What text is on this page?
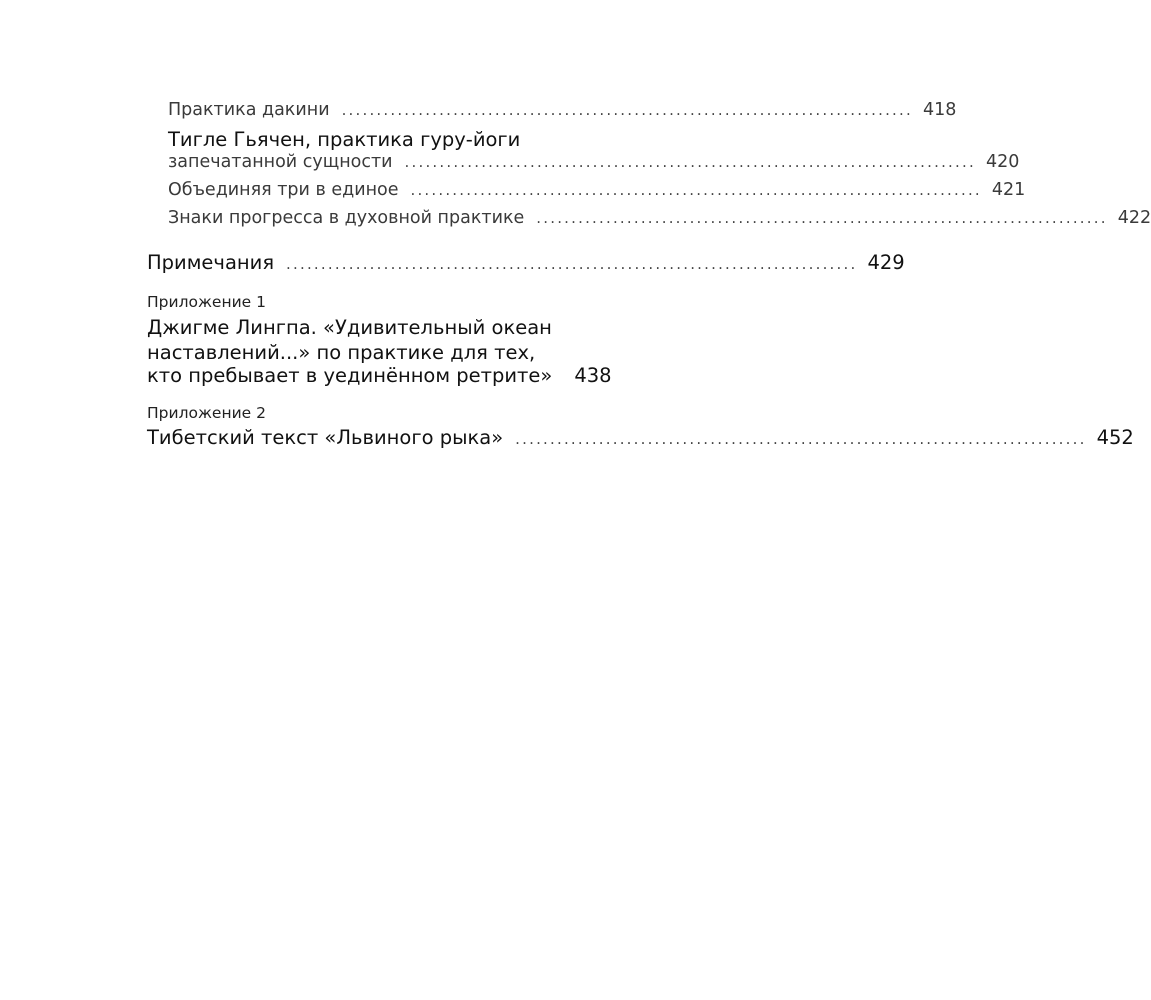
Практика дакини .................................................................................. 418
Тигле Гьячен, практика гуру-йоги
запечатанной сущности .................................................................................. 420
Объединяя три в единое .................................................................................. 421
Знаки прогресса в духовной практике .................................................................................. 422
Примечания .................................................................................. 429
Приложение 1
Джигме Лингпа. «Удивительный океан
наставлений...» по практике для тех,
кто пребывает в уединённом ретрите» 438
Приложение 2
Тибетский текст «Львиного рыка» .................................................................................. 452
